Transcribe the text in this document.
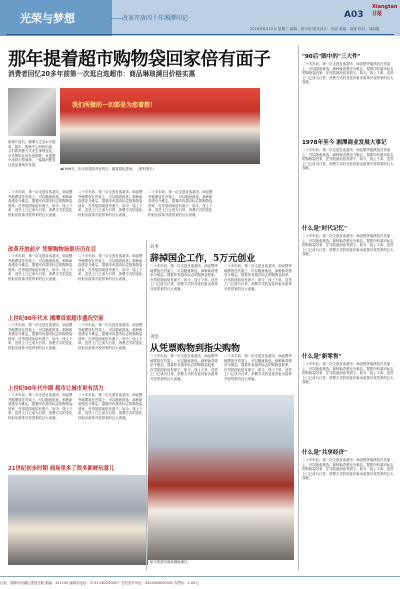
光荣与梦想	——改革开放四十年湘潭印记
Xiangtan日报
A03
2018年8月22日 星期三 编辑：曾小英 版式设计：朱丽 美编：周娅 校对：刘丽霞
那年提着超市购物袋回家倍有面子
消费者回忆20多年前第一次逛自选超市：商品琳琅满目价格实惠
我们所做的一切都是为您着想！
改革开放后，湘潭人生活水平提高，超市、购物中心纷纷出现，人们的消费方式发生深刻变化。从凭票供应到自选购物，从提篮小卖到大型商场，一幕幕消费变迁见证着城市发展。
◀1998年，步步高超市开业首日，顾客排队进场。（资料图片）
二十多年前，第一次走进自选超市，商品整齐地摆放在货架上，可以随意挑选，那种新奇感至今难忘。提着印有超市标志的购物袋回家，在邻居面前倍有面子。如今，线上下单、送货上门已成为日常，消费方式的变化折射出改革开放带来的巨大成就。
二十多年前，第一次走进自选超市，商品整齐地摆放在货架上，可以随意挑选，那种新奇感至今难忘。提着印有超市标志的购物袋回家，在邻居面前倍有面子。如今，线上下单、送货上门已成为日常，消费方式的变化折射出改革开放带来的巨大成就。
二十多年前，第一次走进自选超市，商品整齐地摆放在货架上，可以随意挑选，那种新奇感至今难忘。提着印有超市标志的购物袋回家，在邻居面前倍有面子。如今，线上下单、送货上门已成为日常，消费方式的变化折射出改革开放带来的巨大成就。
改革开放前夕 凭票购物场景历历在目
二十多年前，第一次走进自选超市，商品整齐地摆放在货架上，可以随意挑选，那种新奇感至今难忘。提着印有超市标志的购物袋回家，在邻居面前倍有面子。如今，线上下单、送货上门已成为日常，消费方式的变化折射出改革开放带来的巨大成就。
二十多年前，第一次走进自选超市，商品整齐地摆放在货架上，可以随意挑选，那种新奇感至今难忘。提着印有超市标志的购物袋回家，在邻居面前倍有面子。如今，线上下单、送货上门已成为日常，消费方式的变化折射出改革开放带来的巨大成就。
上世纪90年代末 湘潭首家超市盛况空前
二十多年前，第一次走进自选超市，商品整齐地摆放在货架上，可以随意挑选，那种新奇感至今难忘。提着印有超市标志的购物袋回家，在邻居面前倍有面子。如今，线上下单、送货上门已成为日常，消费方式的变化折射出改革开放带来的巨大成就。
二十多年前，第一次走进自选超市，商品整齐地摆放在货架上，可以随意挑选，那种新奇感至今难忘。提着印有超市标志的购物袋回家，在邻居面前倍有面子。如今，线上下单、送货上门已成为日常，消费方式的变化折射出改革开放带来的巨大成就。
上世纪90年代中期 超市让城市更有活力
二十多年前，第一次走进自选超市，商品整齐地摆放在货架上，可以随意挑选，那种新奇感至今难忘。提着印有超市标志的购物袋回家，在邻居面前倍有面子。如今，线上下单、送货上门已成为日常，消费方式的变化折射出改革开放带来的巨大成就。
二十多年前，第一次走进自选超市，商品整齐地摆放在货架上，可以随意挑选，那种新奇感至今难忘。提着印有超市标志的购物袋回家，在邻居面前倍有面子。如今，线上下单、送货上门已成为日常，消费方式的变化折射出改革开放带来的巨大成就。
21世纪初步时期 商场里多了很多新鲜玩意儿
故事
辞掉国企工作，5万元创业
二十多年前，第一次走进自选超市，商品整齐地摆放在货架上，可以随意挑选，那种新奇感至今难忘。提着印有超市标志的购物袋回家，在邻居面前倍有面子。如今，线上下单、送货上门已成为日常，消费方式的变化折射出改革开放带来的巨大成就。
二十多年前，第一次走进自选超市，商品整齐地摆放在货架上，可以随意挑选，那种新奇感至今难忘。提着印有超市标志的购物袋回家，在邻居面前倍有面子。如今，线上下单、送货上门已成为日常，消费方式的变化折射出改革开放带来的巨大成就。
观察
从凭票购物到指尖购物
二十多年前，第一次走进自选超市，商品整齐地摆放在货架上，可以随意挑选，那种新奇感至今难忘。提着印有超市标志的购物袋回家，在邻居面前倍有面子。如今，线上下单、送货上门已成为日常，消费方式的变化折射出改革开放带来的巨大成就。
二十多年前，第一次走进自选超市，商品整齐地摆放在货架上，可以随意挑选，那种新奇感至今难忘。提着印有超市标志的购物袋回家，在邻居面前倍有面子。如今，线上下单、送货上门已成为日常，消费方式的变化折射出改革开放带来的巨大成就。
如今的超市商品琳琅满目。
"90后"眼中的"三大件"
二十多年前，第一次走进自选超市，商品整齐地摆放在货架上，可以随意挑选，那种新奇感至今难忘。提着印有超市标志的购物袋回家，在邻居面前倍有面子。如今，线上下单、送货上门已成为日常，消费方式的变化折射出改革开放带来的巨大成就。
1978年至今 湘潭商业发展大事记
二十多年前，第一次走进自选超市，商品整齐地摆放在货架上，可以随意挑选，那种新奇感至今难忘。提着印有超市标志的购物袋回家，在邻居面前倍有面子。如今，线上下单、送货上门已成为日常，消费方式的变化折射出改革开放带来的巨大成就。
什么是"时代记忆"
二十多年前，第一次走进自选超市，商品整齐地摆放在货架上，可以随意挑选，那种新奇感至今难忘。提着印有超市标志的购物袋回家，在邻居面前倍有面子。如今，线上下单、送货上门已成为日常，消费方式的变化折射出改革开放带来的巨大成就。
什么是"新零售"
二十多年前，第一次走进自选超市，商品整齐地摆放在货架上，可以随意挑选，那种新奇感至今难忘。提着印有超市标志的购物袋回家，在邻居面前倍有面子。如今，线上下单、送货上门已成为日常，消费方式的变化折射出改革开放带来的巨大成就。
什么是"共享经济"
二十多年前，第一次走进自选超市，商品整齐地摆放在货架上，可以随意挑选，那种新奇感至今难忘。提着印有超市标志的购物袋回家，在邻居面前倍有面子。如今，线上下单、送货上门已成为日常，消费方式的变化折射出改革开放带来的巨大成就。
社址：湘潭市雨湖区建设北路 邮编：411100 编辑部电话：0731-58225000 广告经营许可证：4303004000001 零售价：1.00元
